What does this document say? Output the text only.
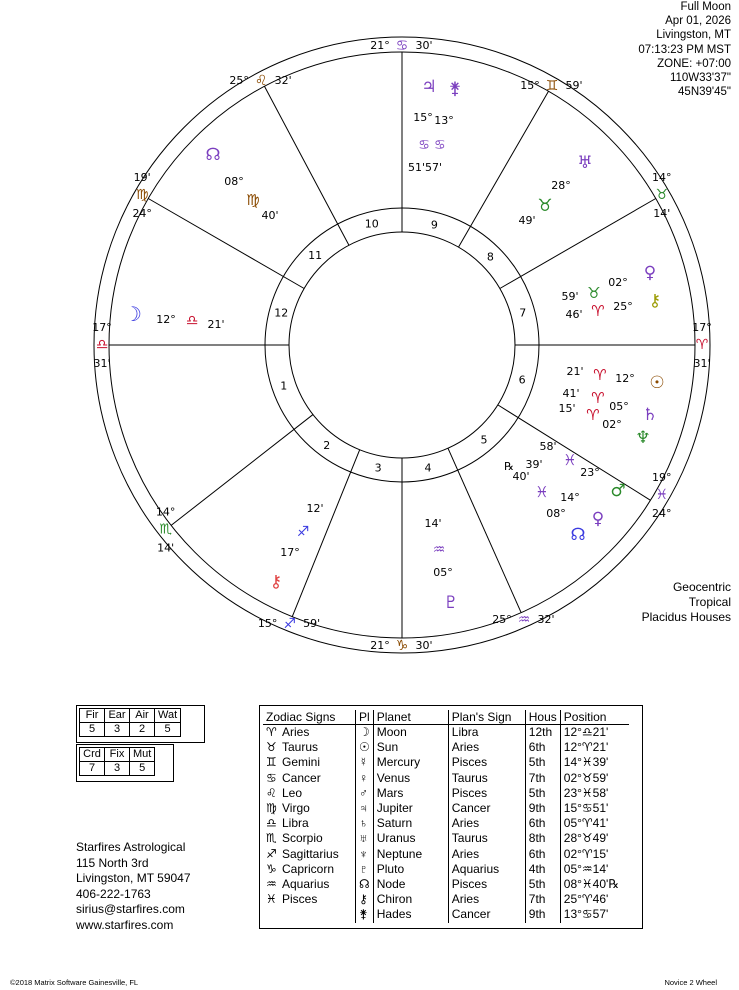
Full Moon
Apr 01, 2026
Livingston, MT
07:13:23 PM MST
ZONE: +07:00
110W33'37"
45N39'45"
Geocentric
Tropical
Placidus Houses
1
2
3	4
5
6
7
8
9
10
11
12
21° ♋ 30'
15° ♊ 59'
14°
♉
14'
17°
♈
31'
19°
♓
24°
25° ♒ 32'
21° ♑ 30'
15° ♐ 59'
14°
♏
14'
17°
♎
31'
19'
♍
24°
25° ♌ 32'	♃ ⚵
♅
♉
♀
⚷
☉
♄
♆
♂
☊
♀
♇
☽
☊
⚷
♐
15° 13°
♋ ♋
51'57'
28°
49'
02°
59' ♉
46' ♈ 25°
21' ♈ 12°
41' ♈
15' ♈ 05°
02°
58'
℞ 39' ♓
23°
40'
♓ 14°
08°
14'
♒
05°
12'
17°
12° ♎ 21'
08°
♍
40'
Fir	Ear	Air	Wat
5	3	2	5
Crd	Fix	Mut
7	3	5
Zodiac Signs	Pl	Planet	Plan's Sign	Hous	Position
♈ Aries	☽	Moon	Libra	12th	12°♎21'
♉ Taurus	☉	Sun	Aries	6th	12°♈21'
♊ Gemini	☿	Mercury	Pisces	5th	14°♓39'
♋ Cancer	♀	Venus	Taurus	7th	02°♉59'
♌ Leo	♂	Mars	Pisces	5th	23°♓58'
♍ Virgo	♃	Jupiter	Cancer	9th	15°♋51'
♎ Libra	♄	Saturn	Aries	6th	05°♈41'
♏ Scorpio	♅	Uranus	Taurus	8th	28°♉49'
♐ Sagittarius	♆	Neptune	Aries	6th	02°♈15'
♑ Capricorn	♇	Pluto	Aquarius	4th	05°♒14'
♒ Aquarius	☊	Node	Pisces	5th	08°♓40'℞
♓ Pisces	⚷	Chiron	Aries	7th	25°♈46'
	⚵	Hades	Cancer	9th	13°♋57'
Starfires Astrological
115 North 3rd
Livingston, MT 59047
406-222-1763
sirius@starfires.com
www.starfires.com
©2018 Matrix Software Gainesville, FL	Novice 2 Wheel
